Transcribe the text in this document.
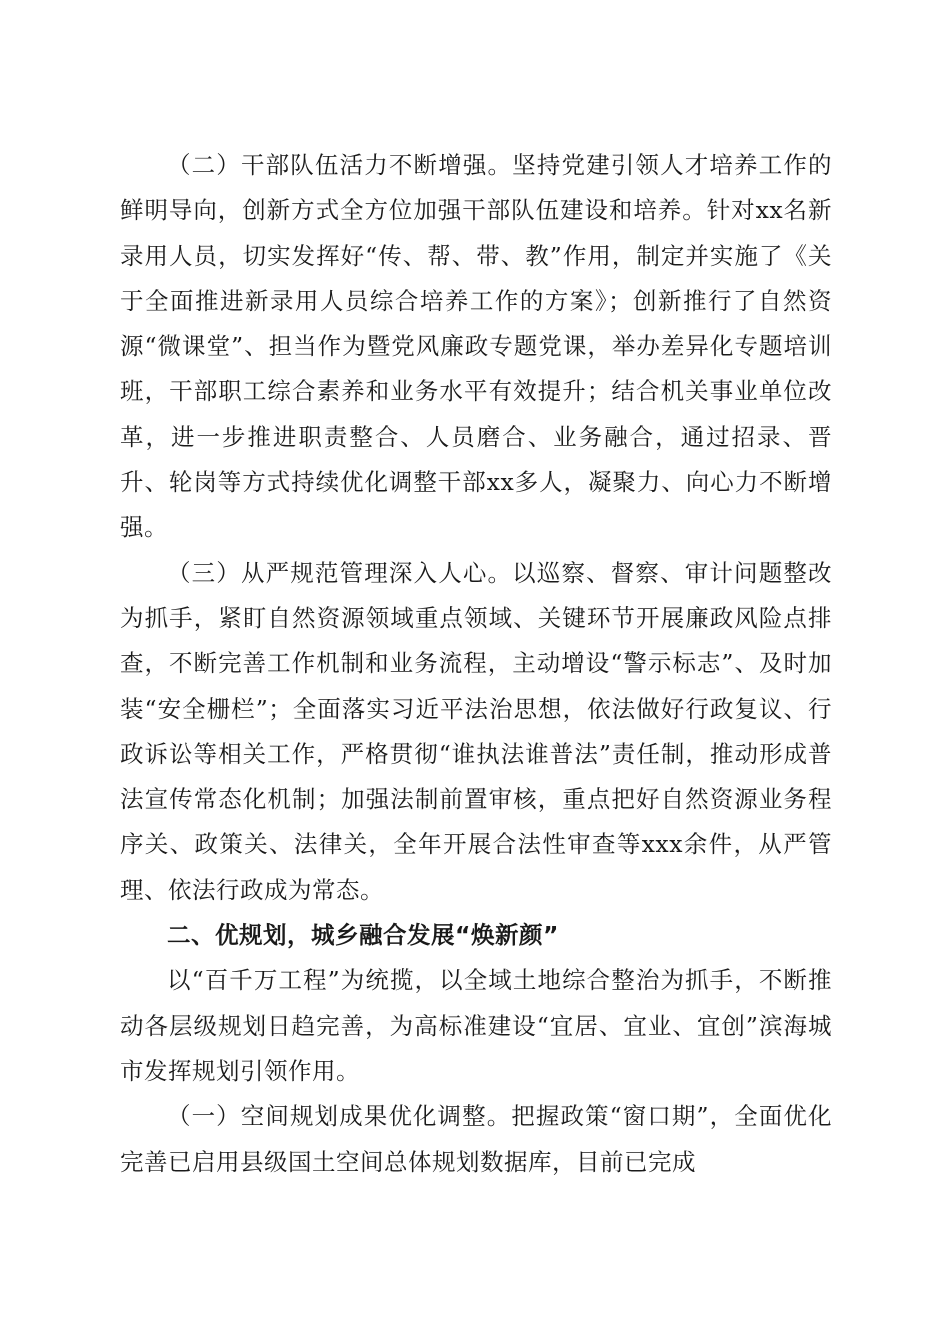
（二）干部队伍活力不断增强。坚持党建引领人才培养工作的鲜明导向，创新方式全方位加强干部队伍建设和培养。针对xx名新录用人员，切实发挥好“传、帮、带、教”作用，制定并实施了《关于全面推进新录用人员综合培养工作的方案》；创新推行了自然资源“微课堂”、担当作为暨党风廉政专题党课，举办差异化专题培训班，干部职工综合素养和业务水平有效提升；结合机关事业单位改革，进一步推进职责整合、人员磨合、业务融合，通过招录、晋升、轮岗等方式持续优化调整干部xx多人，凝聚力、向心力不断增强。

（三）从严规范管理深入人心。以巡察、督察、审计问题整改为抓手，紧盯自然资源领域重点领域、关键环节开展廉政风险点排查，不断完善工作机制和业务流程，主动增设“警示标志”、及时加装“安全栅栏”；全面落实习近平法治思想，依法做好行政复议、行政诉讼等相关工作，严格贯彻“谁执法谁普法”责任制，推动形成普法宣传常态化机制；加强法制前置审核，重点把好自然资源业务程序关、政策关、法律关，全年开展合法性审查等xxx余件，从严管理、依法行政成为常态。

二、优规划，城乡融合发展“焕新颜”

以“百千万工程”为统揽，以全域土地综合整治为抓手，不断推动各层级规划日趋完善，为高标准建设“宜居、宜业、宜创”滨海城市发挥规划引领作用。

（一）空间规划成果优化调整。把握政策“窗口期”，全面优化完善已启用县级国土空间总体规划数据库，目前已完成
